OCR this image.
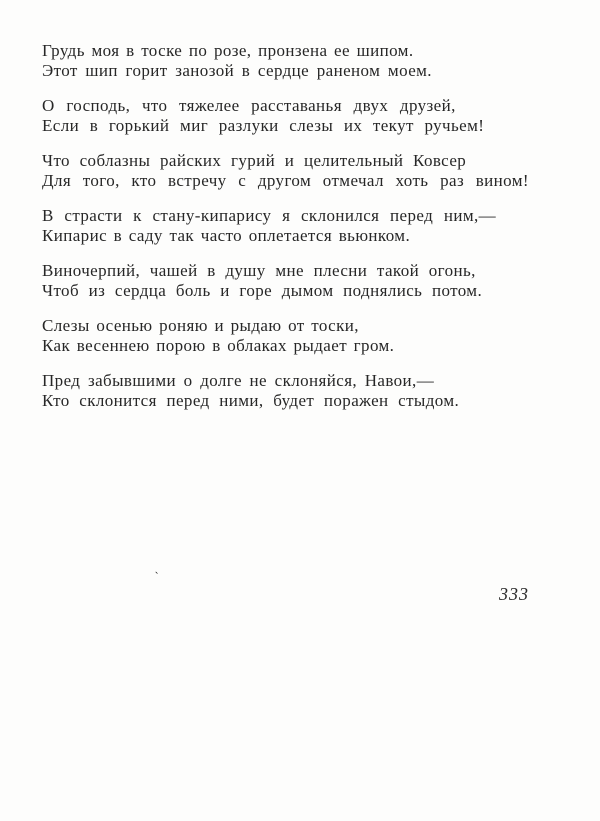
Грудь моя в тоске по розе, пронзена ее шипом.
Этот шип горит занозой в сердце раненом моем.
О господь, что тяжелее расставанья двух друзей,
Если в горький миг разлуки слезы их текут ручьем!
Что соблазны райских гурий и целительный Ковсер
Для того, кто встречу с другом отмечал хоть раз вином!
В страсти к стану-кипарису я склонился перед ним,—
Кипарис в саду так часто оплетается вьюнком.
Виночерпий, чашей в душу мне плесни такой огонь,
Чтоб из сердца боль и горе дымом поднялись потом.
Слезы осенью роняю и рыдаю от тоски,
Как весеннею порою в облаках рыдает гром.
Пред забывшими о долге не склоняйся, Навои,—
Кто склонится перед ними, будет поражен стыдом.
`
333
